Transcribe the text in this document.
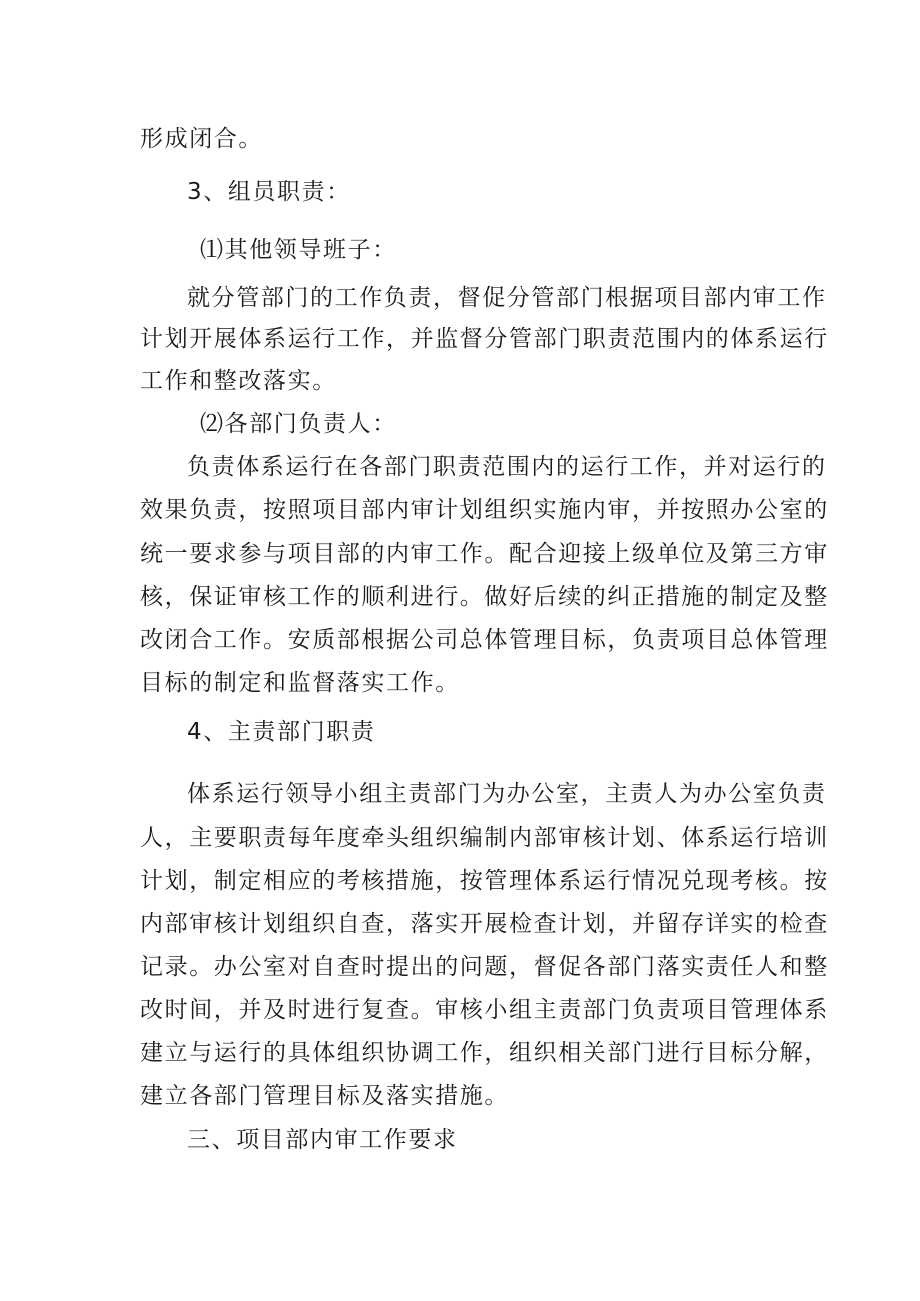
形成闭合。
3、组员职责：
⑴其他领导班子：
就分管部门的工作负责，督促分管部门根据项目部内审工作
计划开展体系运行工作，并监督分管部门职责范围内的体系运行
工作和整改落实。
⑵各部门负责人：
负责体系运行在各部门职责范围内的运行工作，并对运行的
效果负责，按照项目部内审计划组织实施内审，并按照办公室的
统一要求参与项目部的内审工作。配合迎接上级单位及第三方审
核，保证审核工作的顺利进行。做好后续的纠正措施的制定及整
改闭合工作。安质部根据公司总体管理目标，负责项目总体管理
目标的制定和监督落实工作。
4、主责部门职责
体系运行领导小组主责部门为办公室，主责人为办公室负责
人，主要职责每年度牵头组织编制内部审核计划、体系运行培训
计划，制定相应的考核措施，按管理体系运行情况兑现考核。按
内部审核计划组织自查，落实开展检查计划，并留存详实的检查
记录。办公室对自查时提出的问题，督促各部门落实责任人和整
改时间，并及时进行复查。审核小组主责部门负责项目管理体系
建立与运行的具体组织协调工作，组织相关部门进行目标分解，
建立各部门管理目标及落实措施。
三、项目部内审工作要求
